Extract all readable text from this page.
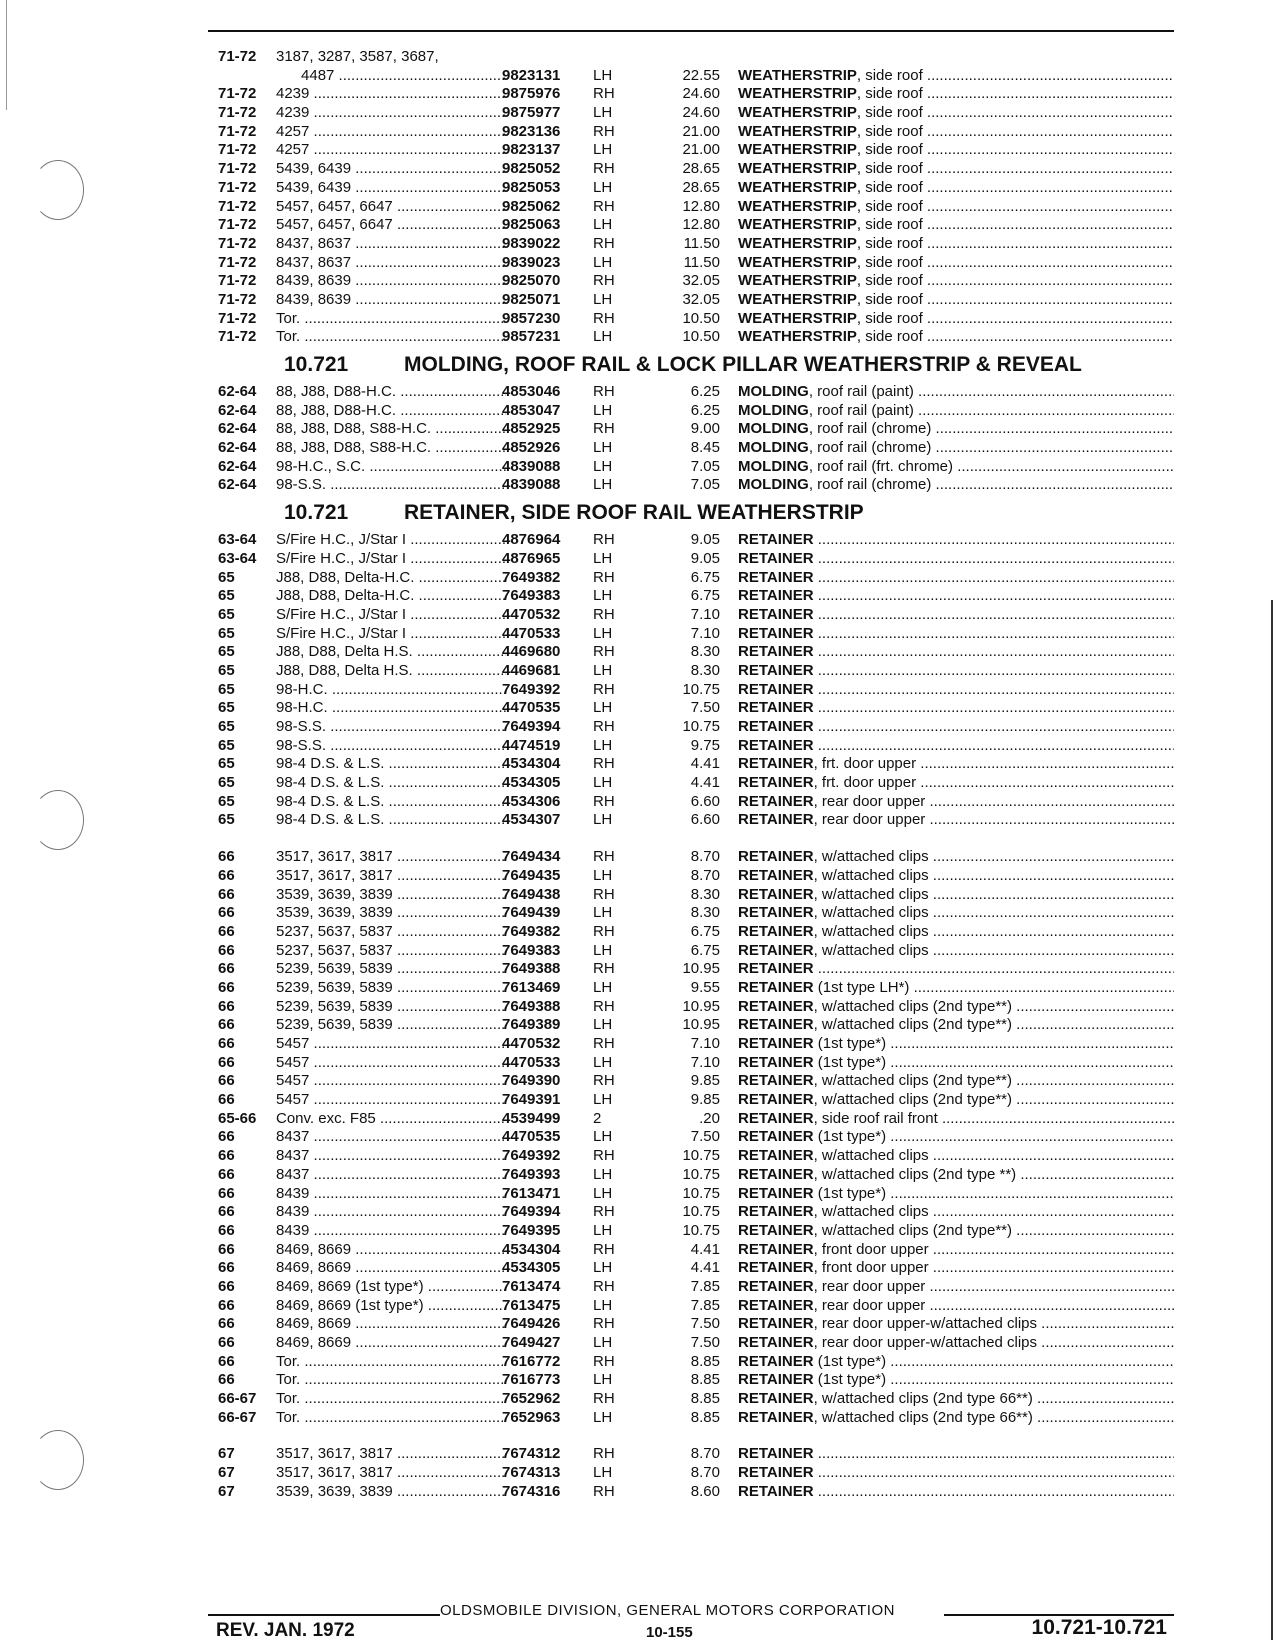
71-72 3187, 3287, 3587, 3687,
4487 .....	9823131 LH	22.55 WEATHERSTRIP, side roof .....
71-72 4239 .....	9875976 RH	24.60 WEATHERSTRIP, side roof .....
71-72 4239 .....	9875977 LH	24.60 WEATHERSTRIP, side roof .....
71-72 4257 .....	9823136 RH	21.00 WEATHERSTRIP, side roof .....
71-72 4257 .....	9823137 LH	21.00 WEATHERSTRIP, side roof .....
71-72 5439, 6439 .....	9825052 RH	28.65 WEATHERSTRIP, side roof .....
71-72 5439, 6439 .....	9825053 LH	28.65 WEATHERSTRIP, side roof .....
71-72 5457, 6457, 6647 .....	9825062 RH	12.80 WEATHERSTRIP, side roof .....
71-72 5457, 6457, 6647 .....	9825063 LH	12.80 WEATHERSTRIP, side roof .....
71-72 8437, 8637 .....	9839022 RH	11.50 WEATHERSTRIP, side roof .....
71-72 8437, 8637 .....	9839023 LH	11.50 WEATHERSTRIP, side roof .....
71-72 8439, 8639 .....	9825070 RH	32.05 WEATHERSTRIP, side roof .....
71-72 8439, 8639 .....	9825071 LH	32.05 WEATHERSTRIP, side roof .....
71-72 Tor. .....	9857230 RH	10.50 WEATHERSTRIP, side roof .....
71-72 Tor. .....	9857231 LH	10.50 WEATHERSTRIP, side roof .....
10.721	MOLDING, ROOF RAIL & LOCK PILLAR WEATHERSTRIP & REVEAL
62-64 88, J88, D88-H.C. .....	4853046 RH	6.25 MOLDING, roof rail (paint) .....
62-64 88, J88, D88-H.C. .....	4853047 LH	6.25 MOLDING, roof rail (paint) .....
62-64 88, J88, D88, S88-H.C. .....	4852925 RH	9.00 MOLDING, roof rail (chrome) .....
62-64 88, J88, D88, S88-H.C. .....	4852926 LH	8.45 MOLDING, roof rail (chrome) .....
62-64 98-H.C., S.C. .....	4839088 LH	7.05 MOLDING, roof rail (frt. chrome) .....
62-64 98-S.S. .....	4839088 LH	7.05 MOLDING, roof rail (chrome) .....
10.721	RETAINER, SIDE ROOF RAIL WEATHERSTRIP
63-64 S/Fire H.C., J/Star I .....	4876964 RH	9.05 RETAINER .....
63-64 S/Fire H.C., J/Star I .....	4876965 LH	9.05 RETAINER .....
65	J88, D88, Delta-H.C. .....	7649382 RH	6.75 RETAINER .....
65	J88, D88, Delta-H.C. .....	7649383 LH	6.75 RETAINER .....
65	S/Fire H.C., J/Star I .....	4470532 RH	7.10 RETAINER .....
65	S/Fire H.C., J/Star I .....	4470533 LH	7.10 RETAINER .....
65	J88, D88, Delta H.S. .....	4469680 RH	8.30 RETAINER .....
65	J88, D88, Delta H.S. .....	4469681 LH	8.30 RETAINER .....
65	98-H.C. .....	7649392 RH	10.75 RETAINER .....
65	98-H.C. .....	4470535 LH	7.50 RETAINER .....
65	98-S.S. .....	7649394 RH	10.75 RETAINER .....
65	98-S.S. .....	4474519 LH	9.75 RETAINER .....
65	98-4 D.S. & L.S. .....	4534304 RH	4.41 RETAINER, frt. door upper .....
65	98-4 D.S. & L.S. .....	4534305 LH	4.41 RETAINER, frt. door upper .....
65	98-4 D.S. & L.S. .....	4534306 RH	6.60 RETAINER, rear door upper .....
65	98-4 D.S. & L.S. .....	4534307 LH	6.60 RETAINER, rear door upper .....
66	3517, 3617, 3817 .....	7649434 RH	8.70 RETAINER, w/attached clips .....
66	3517, 3617, 3817 .....	7649435 LH	8.70 RETAINER, w/attached clips .....
66	3539, 3639, 3839 .....	7649438 RH	8.30 RETAINER, w/attached clips .....
66	3539, 3639, 3839 .....	7649439 LH	8.30 RETAINER, w/attached clips .....
66	5237, 5637, 5837 .....	7649382 RH	6.75 RETAINER, w/attached clips .....
66	5237, 5637, 5837 .....	7649383 LH	6.75 RETAINER, w/attached clips .....
66	5239, 5639, 5839 .....	7649388 RH	10.95 RETAINER .....
66	5239, 5639, 5839 .....	7613469 LH	9.55 RETAINER (1st type LH*) .....
66	5239, 5639, 5839 .....	7649388 RH	10.95 RETAINER, w/attached clips (2nd type**) .....
66	5239, 5639, 5839 .....	7649389 LH	10.95 RETAINER, w/attached clips (2nd type**) .....
66	5457 .....	4470532 RH	7.10 RETAINER (1st type*) .....
66	5457 .....	4470533 LH	7.10 RETAINER (1st type*) .....
66	5457 .....	7649390 RH	9.85 RETAINER, w/attached clips (2nd type**) .....
66	5457 .....	7649391 LH	9.85 RETAINER, w/attached clips (2nd type**) .....
65-66 Conv. exc. F85 .....	4539499 2	.20 RETAINER, side roof rail front .....
66	8437 .....	4470535 LH	7.50 RETAINER (1st type*) .....
66	8437 .....	7649392 RH	10.75 RETAINER, w/attached clips .....
66	8437 .....	7649393 LH	10.75 RETAINER, w/attached clips (2nd type **) .....
66	8439 .....	7613471 LH	10.75 RETAINER (1st type*) .....
66	8439 .....	7649394 RH	10.75 RETAINER, w/attached clips .....
66	8439 .....	7649395 LH	10.75 RETAINER, w/attached clips (2nd type**) .....
66	8469, 8669 .....	4534304 RH	4.41 RETAINER, front door upper .....
66	8469, 8669 .....	4534305 LH	4.41 RETAINER, front door upper .....
66	8469, 8669 (1st type*) .....	7613474 RH	7.85 RETAINER, rear door upper .....
66	8469, 8669 (1st type*) .....	7613475 LH	7.85 RETAINER, rear door upper .....
66	8469, 8669 .....	7649426 RH	7.50 RETAINER, rear door upper-w/attached clips .....
66	8469, 8669 .....	7649427 LH	7.50 RETAINER, rear door upper-w/attached clips .....
66	Tor. .....	7616772 RH	8.85 RETAINER (1st type*) .....
66	Tor. .....	7616773 LH	8.85 RETAINER (1st type*) .....
66-67 Tor. .....	7652962 RH	8.85 RETAINER, w/attached clips (2nd type 66**) .....
66-67 Tor. .....	7652963 LH	8.85 RETAINER, w/attached clips (2nd type 66**) .....
67	3517, 3617, 3817 .....	7674312 RH	8.70 RETAINER .....
67	3517, 3617, 3817 .....	7674313 LH	8.70 RETAINER .....
67	3539, 3639, 3839 .....	7674316 RH	8.60 RETAINER .....
OLDSMOBILE DIVISION, GENERAL MOTORS CORPORATION
REV. JAN. 1972	10-155	10.721-10.721
